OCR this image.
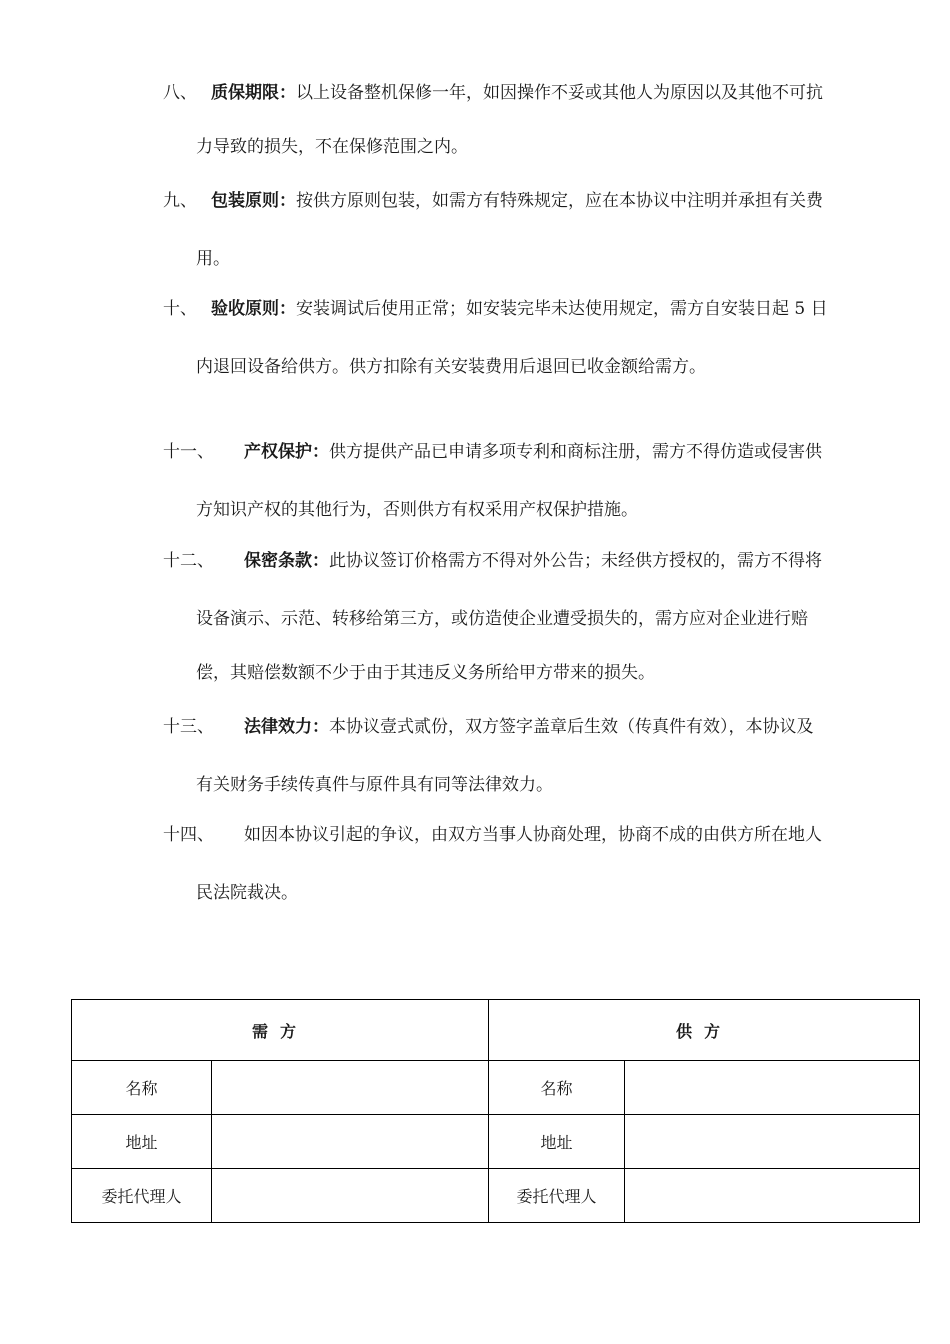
八、 质保期限：以上设备整机保修一年，如因操作不妥或其他人为原因以及其他不可抗
力导致的损失，不在保修范围之内。
九、 包装原则：按供方原则包装，如需方有特殊规定，应在本协议中注明并承担有关费
用。
十、 验收原则：安装调试后使用正常；如安装完毕未达使用规定，需方自安装日起 5 日
内退回设备给供方。供方扣除有关安装费用后退回已收金额给需方。
十一、 产权保护：供方提供产品已申请多项专利和商标注册，需方不得仿造或侵害供
方知识产权的其他行为，否则供方有权采用产权保护措施。
十二、 保密条款：此协议签订价格需方不得对外公告；未经供方授权的，需方不得将
设备演示、示范、转移给第三方，或仿造使企业遭受损失的，需方应对企业进行赔
偿，其赔偿数额不少于由于其违反义务所给甲方带来的损失。
十三、 法律效力：本协议壹式贰份，双方签字盖章后生效（传真件有效），本协议及
有关财务手续传真件与原件具有同等法律效力。
十四、 如因本协议引起的争议，由双方当事人协商处理，协商不成的由供方所在地人
民法院裁决。
需方		供方	
名称		名称	
地址		地址	
委托代理人		委托代理人	
